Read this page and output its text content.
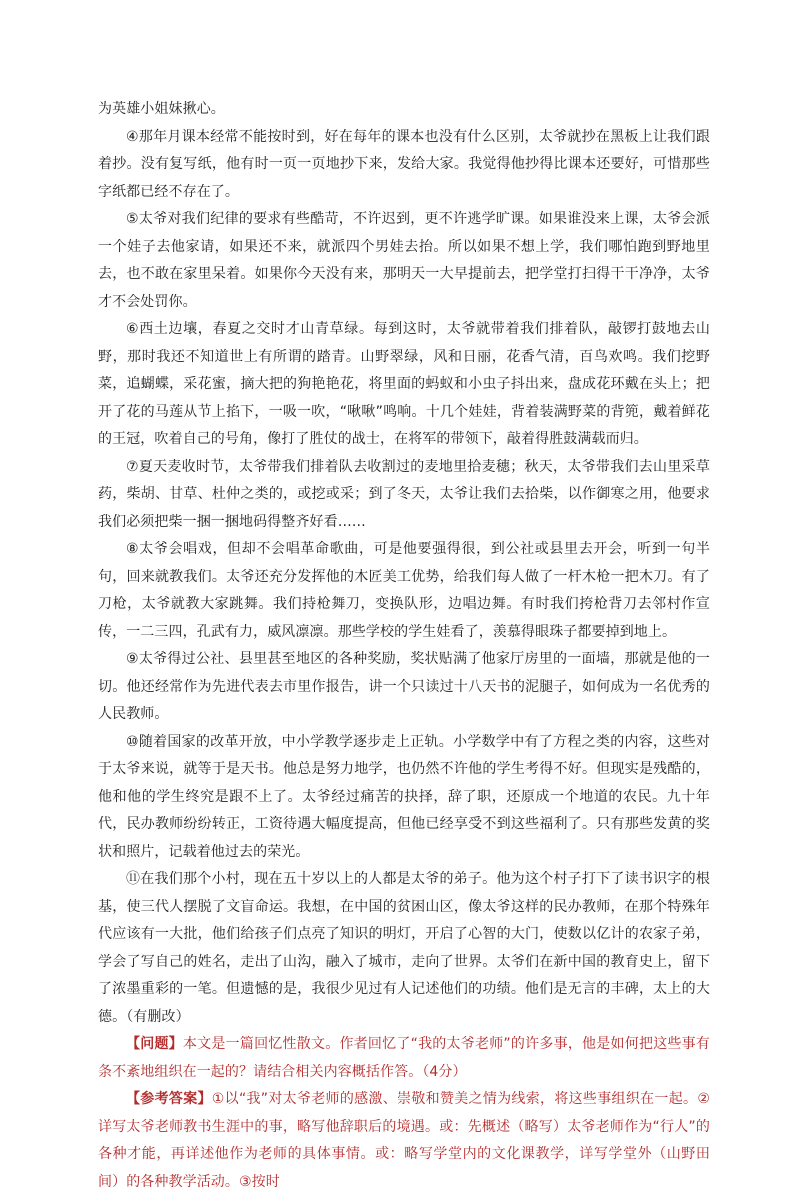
为英雄小姐妹揪心。

④那年月课本经常不能按时到，好在每年的课本也没有什么区别，太爷就抄在黑板上让我们跟着抄。没有复写纸，他有时一页一页地抄下来，发给大家。我觉得他抄得比课本还要好，可惜那些字纸都已经不存在了。

⑤太爷对我们纪律的要求有些酷苛，不许迟到，更不许逃学旷课。如果谁没来上课，太爷会派一个娃子去他家请，如果还不来，就派四个男娃去抬。所以如果不想上学，我们哪怕跑到野地里去，也不敢在家里呆着。如果你今天没有来，那明天一大早提前去，把学堂打扫得干干净净，太爷才不会处罚你。

⑥西土边壤，春夏之交时才山青草绿。每到这时，太爷就带着我们排着队，敲锣打鼓地去山野，那时我还不知道世上有所谓的踏青。山野翠绿，风和日丽，花香气清，百鸟欢鸣。我们挖野菜，追蝴蝶，采花蜜，摘大把的狗艳艳花，将里面的蚂蚁和小虫子抖出来，盘成花环戴在头上；把开了花的马莲从节上掐下，一吸一吹，“啾啾”鸣响。十几个娃娃，背着装满野菜的背篼，戴着鲜花的王冠，吹着自己的号角，像打了胜仗的战士，在将军的带领下，敲着得胜鼓满载而归。

⑦夏天麦收时节，太爷带我们排着队去收割过的麦地里拾麦穗；秋天，太爷带我们去山里采草药，柴胡、甘草、杜仲之类的，或挖或采；到了冬天，太爷让我们去拾柴，以作御寒之用，他要求我们必须把柴一捆一捆地码得整齐好看……

⑧太爷会唱戏，但却不会唱革命歌曲，可是他要强得很，到公社或县里去开会，听到一句半句，回来就教我们。太爷还充分发挥他的木匠美工优势，给我们每人做了一杆木枪一把木刀。有了刀枪，太爷就教大家跳舞。我们持枪舞刀，变换队形，边唱边舞。有时我们挎枪背刀去邻村作宣传，一二三四，孔武有力，威风凛凛。那些学校的学生娃看了，羡慕得眼珠子都要掉到地上。

⑨太爷得过公社、县里甚至地区的各种奖励，奖状贴满了他家厅房里的一面墙，那就是他的一切。他还经常作为先进代表去市里作报告，讲一个只读过十八天书的泥腿子，如何成为一名优秀的人民教师。

⑩随着国家的改革开放，中小学教学逐步走上正轨。小学数学中有了方程之类的内容，这些对于太爷来说，就等于是天书。他总是努力地学，也仍然不许他的学生考得不好。但现实是残酷的，他和他的学生终究是跟不上了。太爷经过痛苦的抉择，辞了职，还原成一个地道的农民。九十年代，民办教师纷纷转正，工资待遇大幅度提高，但他已经享受不到这些福利了。只有那些发黄的奖状和照片，记载着他过去的荣光。

⑪在我们那个小村，现在五十岁以上的人都是太爷的弟子。他为这个村子打下了读书识字的根基，使三代人摆脱了文盲命运。我想，在中国的贫困山区，像太爷这样的民办教师，在那个特殊年代应该有一大批，他们给孩子们点亮了知识的明灯，开启了心智的大门，使数以亿计的农家子弟，学会了写自己的姓名，走出了山沟，融入了城市，走向了世界。太爷们在新中国的教育史上，留下了浓墨重彩的一笔。但遗憾的是，我很少见过有人记述他们的功绩。他们是无言的丰碑，太上的大德。（有删改）

【问题】本文是一篇回忆性散文。作者回忆了“我的太爷老师”的许多事，他是如何把这些事有条不紊地组织在一起的？请结合相关内容概括作答。（4分）

【参考答案】①以“我”对太爷老师的感激、崇敬和赞美之情为线索，将这些事组织在一起。②详写太爷老师教书生涯中的事，略写他辞职后的境遇。或：先概述（略写）太爷老师作为“行人”的各种才能，再详述他作为老师的具体事情。或：略写学堂内的文化课教学，详写学堂外（山野田间）的各种教学活动。③按时
